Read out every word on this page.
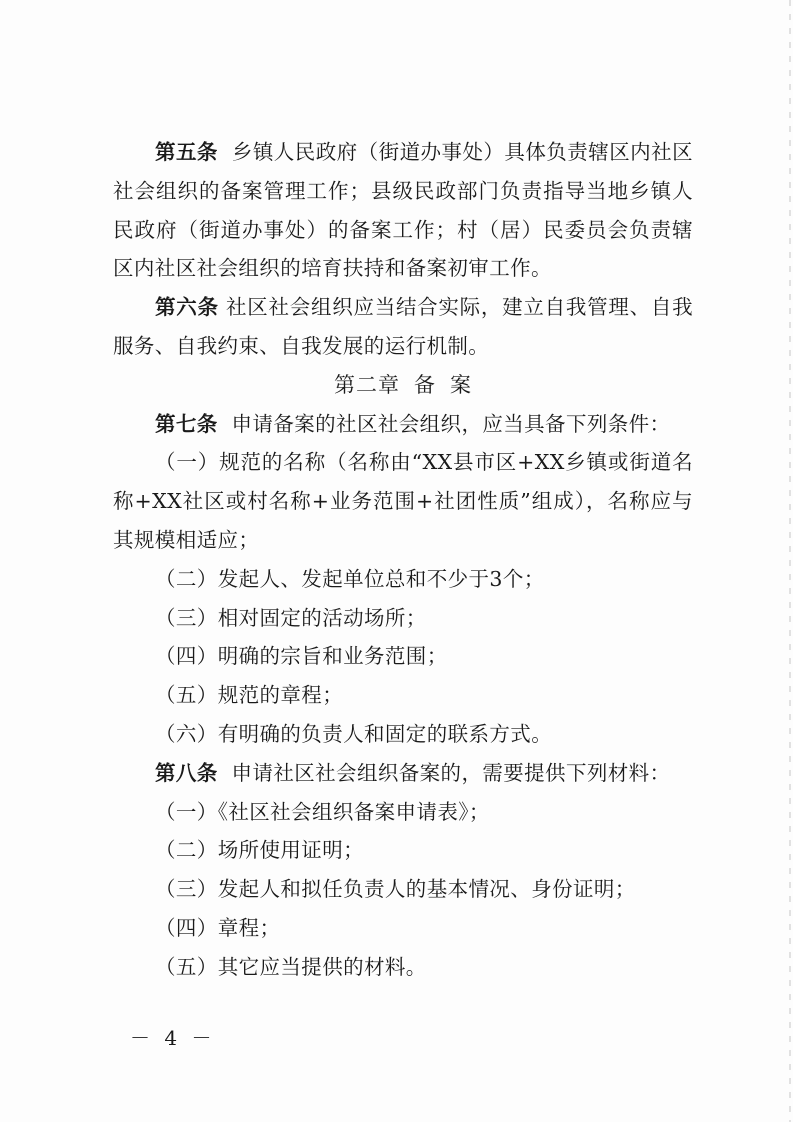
第五条 乡镇人民政府（街道办事处）具体负责辖区内社区社会组织的备案管理工作；县级民政部门负责指导当地乡镇人民政府（街道办事处）的备案工作；村（居）民委员会负责辖区内社区社会组织的培育扶持和备案初审工作。

第六条 社区社会组织应当结合实际，建立自我管理、自我服务、自我约束、自我发展的运行机制。

第二章 备 案

第七条 申请备案的社区社会组织，应当具备下列条件：

（一）规范的名称（名称由“XX县市区+XX乡镇或街道名称+XX社区或村名称+业务范围+社团性质”组成），名称应与其规模相适应；

（二）发起人、发起单位总和不少于3个；

（三）相对固定的活动场所；

（四）明确的宗旨和业务范围；

（五）规范的章程；

（六）有明确的负责人和固定的联系方式。

第八条 申请社区社会组织备案的，需要提供下列材料：

（一）《社区社会组织备案申请表》；

（二）场所使用证明；

（三）发起人和拟任负责人的基本情况、身份证明；

（四）章程；

（五）其它应当提供的材料。

－ 4 －
